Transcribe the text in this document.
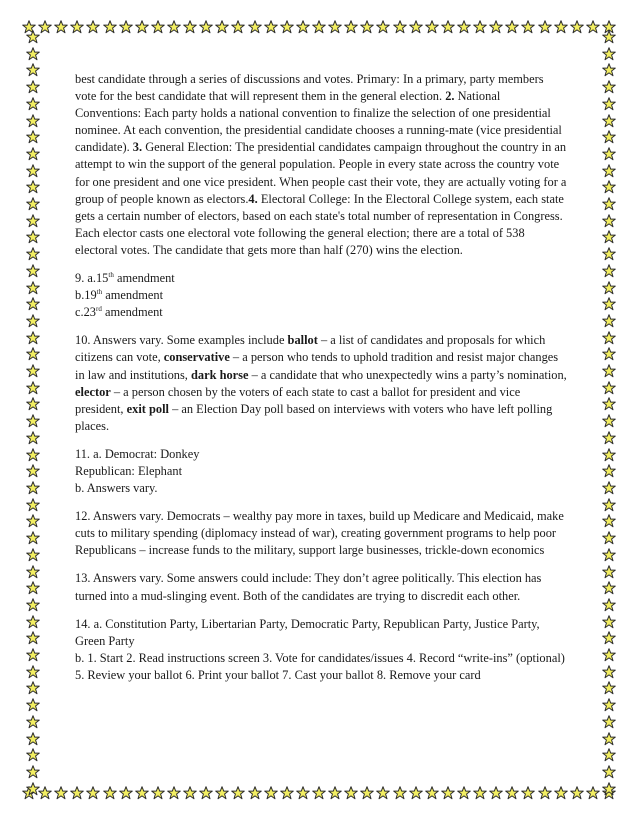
best candidate through a series of discussions and votes. Primary: In a primary, party members vote for the best candidate that will represent them in the general election. 2. National Conventions: Each party holds a national convention to finalize the selection of one presidential nominee. At each convention, the presidential candidate chooses a running-mate (vice presidential candidate). 3. General Election: The presidential candidates campaign throughout the country in an attempt to win the support of the general population. People in every state across the country vote for one president and one vice president. When people cast their vote, they are actually voting for a group of people known as electors.4. Electoral College: In the Electoral College system, each state gets a certain number of electors, based on each state's total number of representation in Congress. Each elector casts one electoral vote following the general election; there are a total of 538 electoral votes. The candidate that gets more than half (270) wins the election.

9. a.15th amendment
b.19th amendment
c.23rd amendment

10. Answers vary. Some examples include ballot – a list of candidates and proposals for which citizens can vote, conservative – a person who tends to uphold tradition and resist major changes in law and institutions, dark horse – a candidate that who unexpectedly wins a party’s nomination, elector – a person chosen by the voters of each state to cast a ballot for president and vice president, exit poll – an Election Day poll based on interviews with voters who have left polling places.

11. a. Democrat: Donkey
Republican: Elephant
b. Answers vary.

12. Answers vary. Democrats – wealthy pay more in taxes, build up Medicare and Medicaid, make cuts to military spending (diplomacy instead of war), creating government programs to help poor
Republicans – increase funds to the military, support large businesses, trickle-down economics

13. Answers vary. Some answers could include: They don’t agree politically. This election has turned into a mud-slinging event. Both of the candidates are trying to discredit each other.

14. a. Constitution Party, Libertarian Party, Democratic Party, Republican Party, Justice Party, Green Party
b. 1. Start 2. Read instructions screen 3. Vote for candidates/issues 4. Record “write-ins” (optional) 5. Review your ballot 6. Print your ballot 7. Cast your ballot 8. Remove your card
